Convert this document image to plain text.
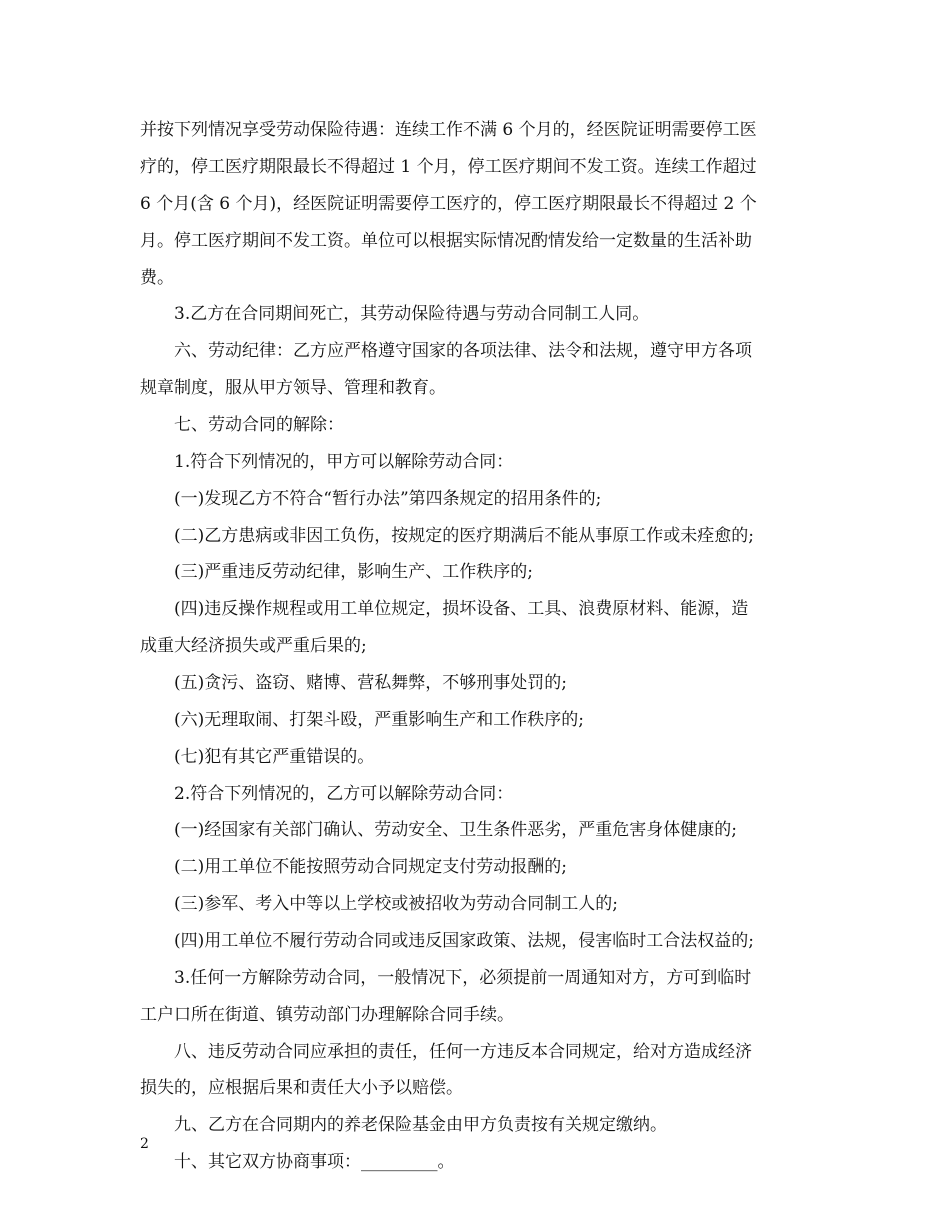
并按下列情况享受劳动保险待遇：连续工作不满 6 个月的，经医院证明需要停工医
疗的，停工医疗期限最长不得超过 1 个月，停工医疗期间不发工资。连续工作超过
6 个月(含 6 个月)，经医院证明需要停工医疗的，停工医疗期限最长不得超过 2 个
月。停工医疗期间不发工资。单位可以根据实际情况酌情发给一定数量的生活补助
费。
3.乙方在合同期间死亡，其劳动保险待遇与劳动合同制工人同。
六、劳动纪律：乙方应严格遵守国家的各项法律、法令和法规，遵守甲方各项
规章制度，服从甲方领导、管理和教育。
七、劳动合同的解除：
1.符合下列情况的，甲方可以解除劳动合同：
(一)发现乙方不符合“暂行办法”第四条规定的招用条件的;
(二)乙方患病或非因工负伤，按规定的医疗期满后不能从事原工作或未痊愈的;
(三)严重违反劳动纪律，影响生产、工作秩序的;
(四)违反操作规程或用工单位规定，损坏设备、工具、浪费原材料、能源，造
成重大经济损失或严重后果的;
(五)贪污、盗窃、赌博、营私舞弊，不够刑事处罚的;
(六)无理取闹、打架斗殴，严重影响生产和工作秩序的;
(七)犯有其它严重错误的。
2.符合下列情况的，乙方可以解除劳动合同：
(一)经国家有关部门确认、劳动安全、卫生条件恶劣，严重危害身体健康的;
(二)用工单位不能按照劳动合同规定支付劳动报酬的;
(三)参军、考入中等以上学校或被招收为劳动合同制工人的;
(四)用工单位不履行劳动合同或违反国家政策、法规，侵害临时工合法权益的;
3.任何一方解除劳动合同，一般情况下，必须提前一周通知对方，方可到临时
工户口所在街道、镇劳动部门办理解除合同手续。
八、违反劳动合同应承担的责任，任何一方违反本合同规定，给对方造成经济
损失的，应根据后果和责任大小予以赔偿。
九、乙方在合同期内的养老保险基金由甲方负责按有关规定缴纳。
十、其它双方协商事项：_________。
2
